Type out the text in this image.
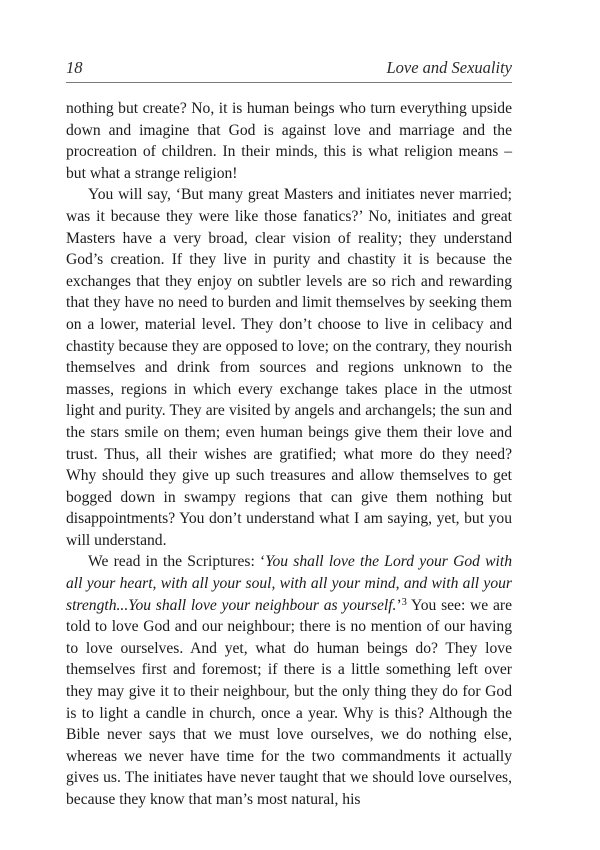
18	Love and Sexuality

nothing but create? No, it is human beings who turn everything upside down and imagine that God is against love and marriage and the procreation of children. In their minds, this is what religion means – but what a strange religion!

You will say, ‘But many great Masters and initiates never married; was it because they were like those fanatics?’ No, initiates and great Masters have a very broad, clear vision of reality; they understand God’s creation. If they live in purity and chastity it is because the exchanges that they enjoy on subtler levels are so rich and rewarding that they have no need to burden and limit themselves by seeking them on a lower, material level. They don’t choose to live in celibacy and chastity because they are opposed to love; on the contrary, they nourish themselves and drink from sources and regions unknown to the masses, regions in which every exchange takes place in the utmost light and purity. They are visited by angels and archangels; the sun and the stars smile on them; even human beings give them their love and trust. Thus, all their wishes are gratified; what more do they need? Why should they give up such treasures and allow themselves to get bogged down in swampy regions that can give them nothing but disappointments? You don’t understand what I am saying, yet, but you will understand.

We read in the Scriptures: ‘You shall love the Lord your God with all your heart, with all your soul, with all your mind, and with all your strength...You shall love your neighbour as yourself.’$^3$ You see: we are told to love God and our neighbour; there is no mention of our having to love ourselves. And yet, what do human beings do? They love themselves first and foremost; if there is a little something left over they may give it to their neighbour, but the only thing they do for God is to light a candle in church, once a year. Why is this? Although the Bible never says that we must love ourselves, we do nothing else, whereas we never have time for the two commandments it actually gives us. The initiates have never taught that we should love ourselves, because they know that man’s most natural, his
